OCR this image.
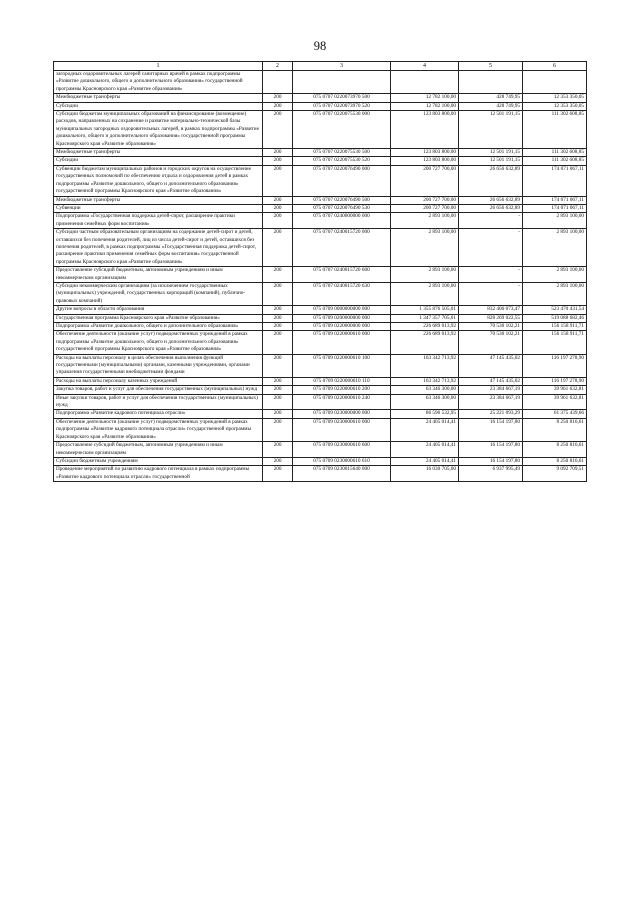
98
1	2	3	4	5	6
загородных оздоровительных лагерей санитарных врачей в рамках подпрограммы «Развитие дошкольного, общего и дополнительного образования» государственной программы Красноярского края «Развитие образования»					
Межбюджетные трансферты	200	075 0707 0220073970 500	12 782 100,00	428 749,95	12 353 350,05
Субсидии	200	075 0707 0220073970 520	12 782 100,00	428 749,95	12 353 350,05
Субсидии бюджетам муниципальных образований на финансирование (возмещение) расходов, направленных на сохранение и развитие материально-технической базы муниципальных загородных оздоровительных лагерей, в рамках подпрограммы «Развитие дошкольного, общего и дополнительного образования» государственной программы Красноярского края «Развитие образования»	200	075 0707 0220075530 000	123 803 800,00	12 501 191,15	111 302 608,85
Межбюджетные трансферты	200	075 0707 0220075530 500	123 803 800,00	12 501 191,15	111 302 608,85
Субсидии	200	075 0707 0220075530 520	123 803 800,00	12 501 191,15	111 302 608,85
Субвенции бюджетам муниципальных районов и городских округов на осуществление государственных полномочий по обеспечению отдыха и оздоровления детей в рамках подпрограммы «Развитие дошкольного, общего и дополнительного образования» государственной программы Красноярского края «Развитие образования»	200	075 0707 0220076490 000	200 727 700,00	26 656 632,89	174 071 067,11
Межбюджетные трансферты	200	075 0707 0220076490 500	200 727 700,00	26 656 632,89	174 071 067,11
Субвенции	200	075 0707 0220076490 530	200 727 700,00	26 656 632,89	174 071 067,11
Подпрограмма «Государственная поддержка детей-сирот, расширение практики применения семейных форм воспитания»	200	075 0707 0240000000 000	2 893 100,00	-	2 893 100,00
Субсидии частным образовательным организациям на содержание детей-сирот и детей, оставшихся без попечения родителей, лиц из числа детей-сирот и детей, оставшихся без попечения родителей, в рамках подпрограммы «Государственная поддержка детей-сирот, расширение практики применения семейных форм воспитания» государственной программы Красноярского края «Развитие образования»	200	075 0707 0240015720 000	2 893 100,00	-	2 893 100,00
Предоставление субсидий бюджетным, автономным учреждениям и иным некоммерческим организациям	200	075 0707 0240015720 600	2 893 100,00	-	2 893 100,00
Субсидии некоммерческим организациям (за исключением государственных (муниципальных) учреждений, государственных корпораций (компаний), публично-правовых компаний)	200	075 0707 0240015720 630	2 893 100,00	-	2 893 100,00
Другие вопросы в области образования	200	075 0709 0000000000 000	1 355 876 505,01	832 406 073,47	523 470 431,54
Государственная программа Красноярского края «Развитие образования»	200	075 0709 0200000000 000	1 347 357 705,01	828 269 022,55	519 088 682,46
Подпрограмма «Развитие дошкольного, общего и дополнительного образования»	200	075 0709 0220000000 000	226 689 013,92	70 530 102,21	156 158 911,71
Обеспечение деятельности (оказание услуг) подведомственных учреждений в рамках подпрограммы «Развитие дошкольного, общего и дополнительного образования» государственной программы Красноярского края «Развитие образования»	200	075 0709 0220000610 000	226 689 013,92	70 530 102,21	156 158 911,71
Расходы на выплаты персоналу в целях обеспечения выполнения функций государственными (муниципальными) органами, казенными учреждениями, органами управления государственными внебюджетными фондами	200	075 0709 0220000610 100	163 342 713,92	47 145 435,02	116 197 278,90
Расходы на выплаты персоналу казенных учреждений	200	075 0709 0220000610 110	163 342 713,92	47 145 435,02	116 197 278,90
Закупка товаров, работ и услуг для обеспечения государственных (муниципальных) нужд	200	075 0709 0220000610 200	63 346 300,00	23 384 667,19	39 961 632,81
Иные закупки товаров, работ и услуг для обеспечения государственных (муниципальных) нужд	200	075 0709 0220000610 240	63 346 300,00	23 384 667,19	39 961 632,81
Подпрограмма «Развитие кадрового потенциала отрасли»	200	075 0709 0230000000 000	86 596 532,95	25 221 093,29	61 375 439,66
Обеспечение деятельности (оказание услуг) подведомственных учреждений в рамках подпрограммы «Развитие кадрового потенциала отрасли» государственной программы Красноярского края «Развитие образования»	200	075 0709 0230000610 000	24 405 014,41	16 154 197,80	8 250 816,61
Предоставление субсидий бюджетным, автономным учреждениям и иным некоммерческим организациям	200	075 0709 0230000610 600	24 405 014,41	16 154 197,80	8 250 816,61
Субсидии бюджетным учреждениям	200	075 0709 0230000610 610	24 405 014,41	16 154 197,80	8 250 816,61
Проведение мероприятий по развитию кадрового потенциала в рамках подпрограммы «Развитие кадрового потенциала отрасли» государственной	200	075 0709 0230015640 000	16 030 705,00	6 937 995,49	9 092 709,51
